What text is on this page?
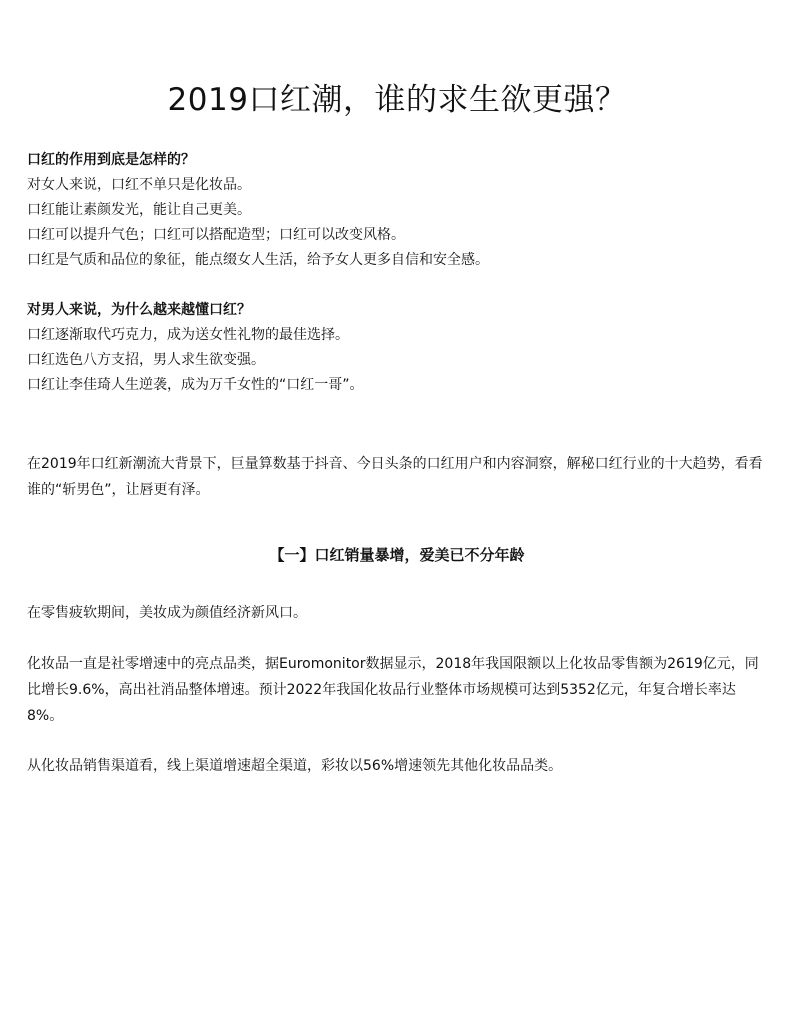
2019口红潮，谁的求生欲更强？
口红的作用到底是怎样的？
对女人来说，口红不单只是化妆品。
口红能让素颜发光，能让自己更美。
口红可以提升气色；口红可以搭配造型；口红可以改变风格。
口红是气质和品位的象征，能点缀女人生活，给予女人更多自信和安全感。
对男人来说，为什么越来越懂口红？
口红逐渐取代巧克力，成为送女性礼物的最佳选择。
口红选色八方支招，男人求生欲变强。
口红让李佳琦人生逆袭，成为万千女性的“口红一哥”。

在2019年口红新潮流大背景下，巨量算数基于抖音、今日头条的口红用户和内容洞察，解秘口红行业的十大趋势，看看谁的“斩男色”，让唇更有泽。

【一】口红销量暴增，爱美已不分年龄

在零售疲软期间，美妆成为颜值经济新风口。

化妆品一直是社零增速中的亮点品类，据Euromonitor数据显示，2018年我国限额以上化妆品零售额为2619亿元，同比增长9.6%，高出社消品整体增速。预计2022年我国化妆品行业整体市场规模可达到5352亿元，年复合增长率达8%。

从化妆品销售渠道看，线上渠道增速超全渠道，彩妆以56%增速领先其他化妆品品类。
